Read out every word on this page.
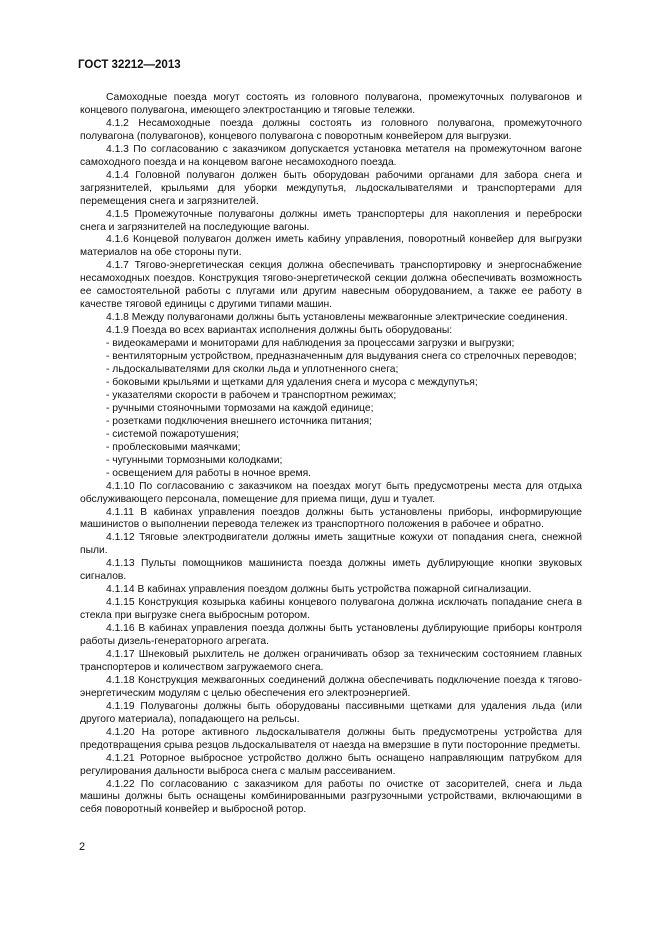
ГОСТ 32212—2013

Самоходные поезда могут состоять из головного полувагона, промежуточных полувагонов и концевого полувагона, имеющего электростанцию и тяговые тележки.

4.1.2 Несамоходные поезда должны состоять из головного полувагона, промежуточного полувагона (полувагонов), концевого полувагона с поворотным конвейером для выгрузки.

4.1.3 По согласованию с заказчиком допускается установка метателя на промежуточном вагоне самоходного поезда и на концевом вагоне несамоходного поезда.

4.1.4 Головной полувагон должен быть оборудован рабочими органами для забора снега и загрязнителей, крыльями для уборки междупутья, льдоскалывателями и транспортерами для перемещения снега и загрязнителей.

4.1.5 Промежуточные полувагоны должны иметь транспортеры для накопления и переброски снега и загрязнителей на последующие вагоны.

4.1.6 Концевой полувагон должен иметь кабину управления, поворотный конвейер для выгрузки материалов на обе стороны пути.

4.1.7 Тягово-энергетическая секция должна обеспечивать транспортировку и энергоснабжение несамоходных поездов. Конструкция тягово-энергетической секции должна обеспечивать возможность ее самостоятельной работы с плугами или другим навесным оборудованием, а также ее работу в качестве тяговой единицы с другими типами машин.

4.1.8 Между полувагонами должны быть установлены межвагонные электрические соединения.

4.1.9 Поезда во всех вариантах исполнения должны быть оборудованы:

- видеокамерами и мониторами для наблюдения за процессами загрузки и выгрузки;

- вентиляторным устройством, предназначенным для выдувания снега со стрелочных переводов;

- льдоскалывателями для сколки льда и уплотненного снега;

- боковыми крыльями и щетками для удаления снега и мусора с междупутья;

- указателями скорости в рабочем и транспортном режимах;

- ручными стояночными тормозами на каждой единице;

- розетками подключения внешнего источника питания;

- системой пожаротушения;

- проблесковыми маячками;

- чугунными тормозными колодками;

- освещением для работы в ночное время.

4.1.10 По согласованию с заказчиком на поездах могут быть предусмотрены места для отдыха обслуживающего персонала, помещение для приема пищи, душ и туалет.

4.1.11 В кабинах управления поездов должны быть установлены приборы, информирующие машинистов о выполнении перевода тележек из транспортного положения в рабочее и обратно.

4.1.12 Тяговые электродвигатели должны иметь защитные кожухи от попадания снега, снежной пыли.

4.1.13 Пульты помощников машиниста поезда должны иметь дублирующие кнопки звуковых сигналов.

4.1.14 В кабинах управления поездом должны быть устройства пожарной сигнализации.

4.1.15 Конструкция козырька кабины концевого полувагона должна исключать попадание снега в стекла при выгрузке снега выбросным ротором.

4.1.16 В кабинах управления поезда должны быть установлены дублирующие приборы контроля работы дизель-генераторного агрегата.

4.1.17 Шнековый рыхлитель не должен ограничивать обзор за техническим состоянием главных транспортеров и количеством загружаемого снега.

4.1.18 Конструкция межвагонных соединений должна обеспечивать подключение поезда к тягово-энергетическим модулям с целью обеспечения его электроэнергией.

4.1.19 Полувагоны должны быть оборудованы пассивными щетками для удаления льда (или другого материала), попадающего на рельсы.

4.1.20 На роторе активного льдоскалывателя должны быть предусмотрены устройства для предотвращения срыва резцов льдоскалывателя от наезда на вмерзшие в пути посторонние предметы.

4.1.21 Роторное выбросное устройство должно быть оснащено направляющим патрубком для регулирования дальности выброса снега с малым рассеиванием.

4.1.22 По согласованию с заказчиком для работы по очистке от засорителей, снега и льда машины должны быть оснащены комбинированными разгрузочными устройствами, включающими в себя поворотный конвейер и выбросной ротор.

2
